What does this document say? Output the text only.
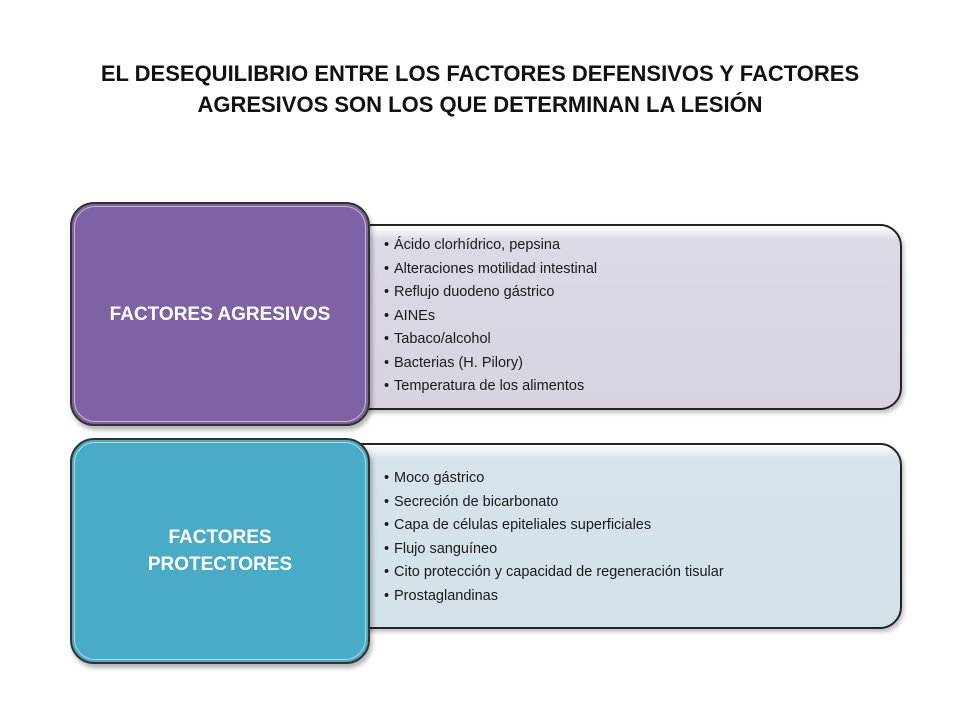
EL DESEQUILIBRIO ENTRE LOS FACTORES DEFENSIVOS Y FACTORES
AGRESIVOS SON LOS QUE DETERMINAN LA LESIÓN
• Ácido clorhídrico, pepsina
• Alteraciones motilidad intestinal
• Reflujo duodeno gástrico
• AINEs
• Tabaco/alcohol
• Bacterias (H. Pilory)
• Temperatura de los alimentos
FACTORES AGRESIVOS
• Moco gástrico
• Secreción de bicarbonato
• Capa de células epiteliales superficiales
• Flujo sanguíneo
• Cito protección y capacidad de regeneración tisular
• Prostaglandinas
FACTORES PROTECTORES
